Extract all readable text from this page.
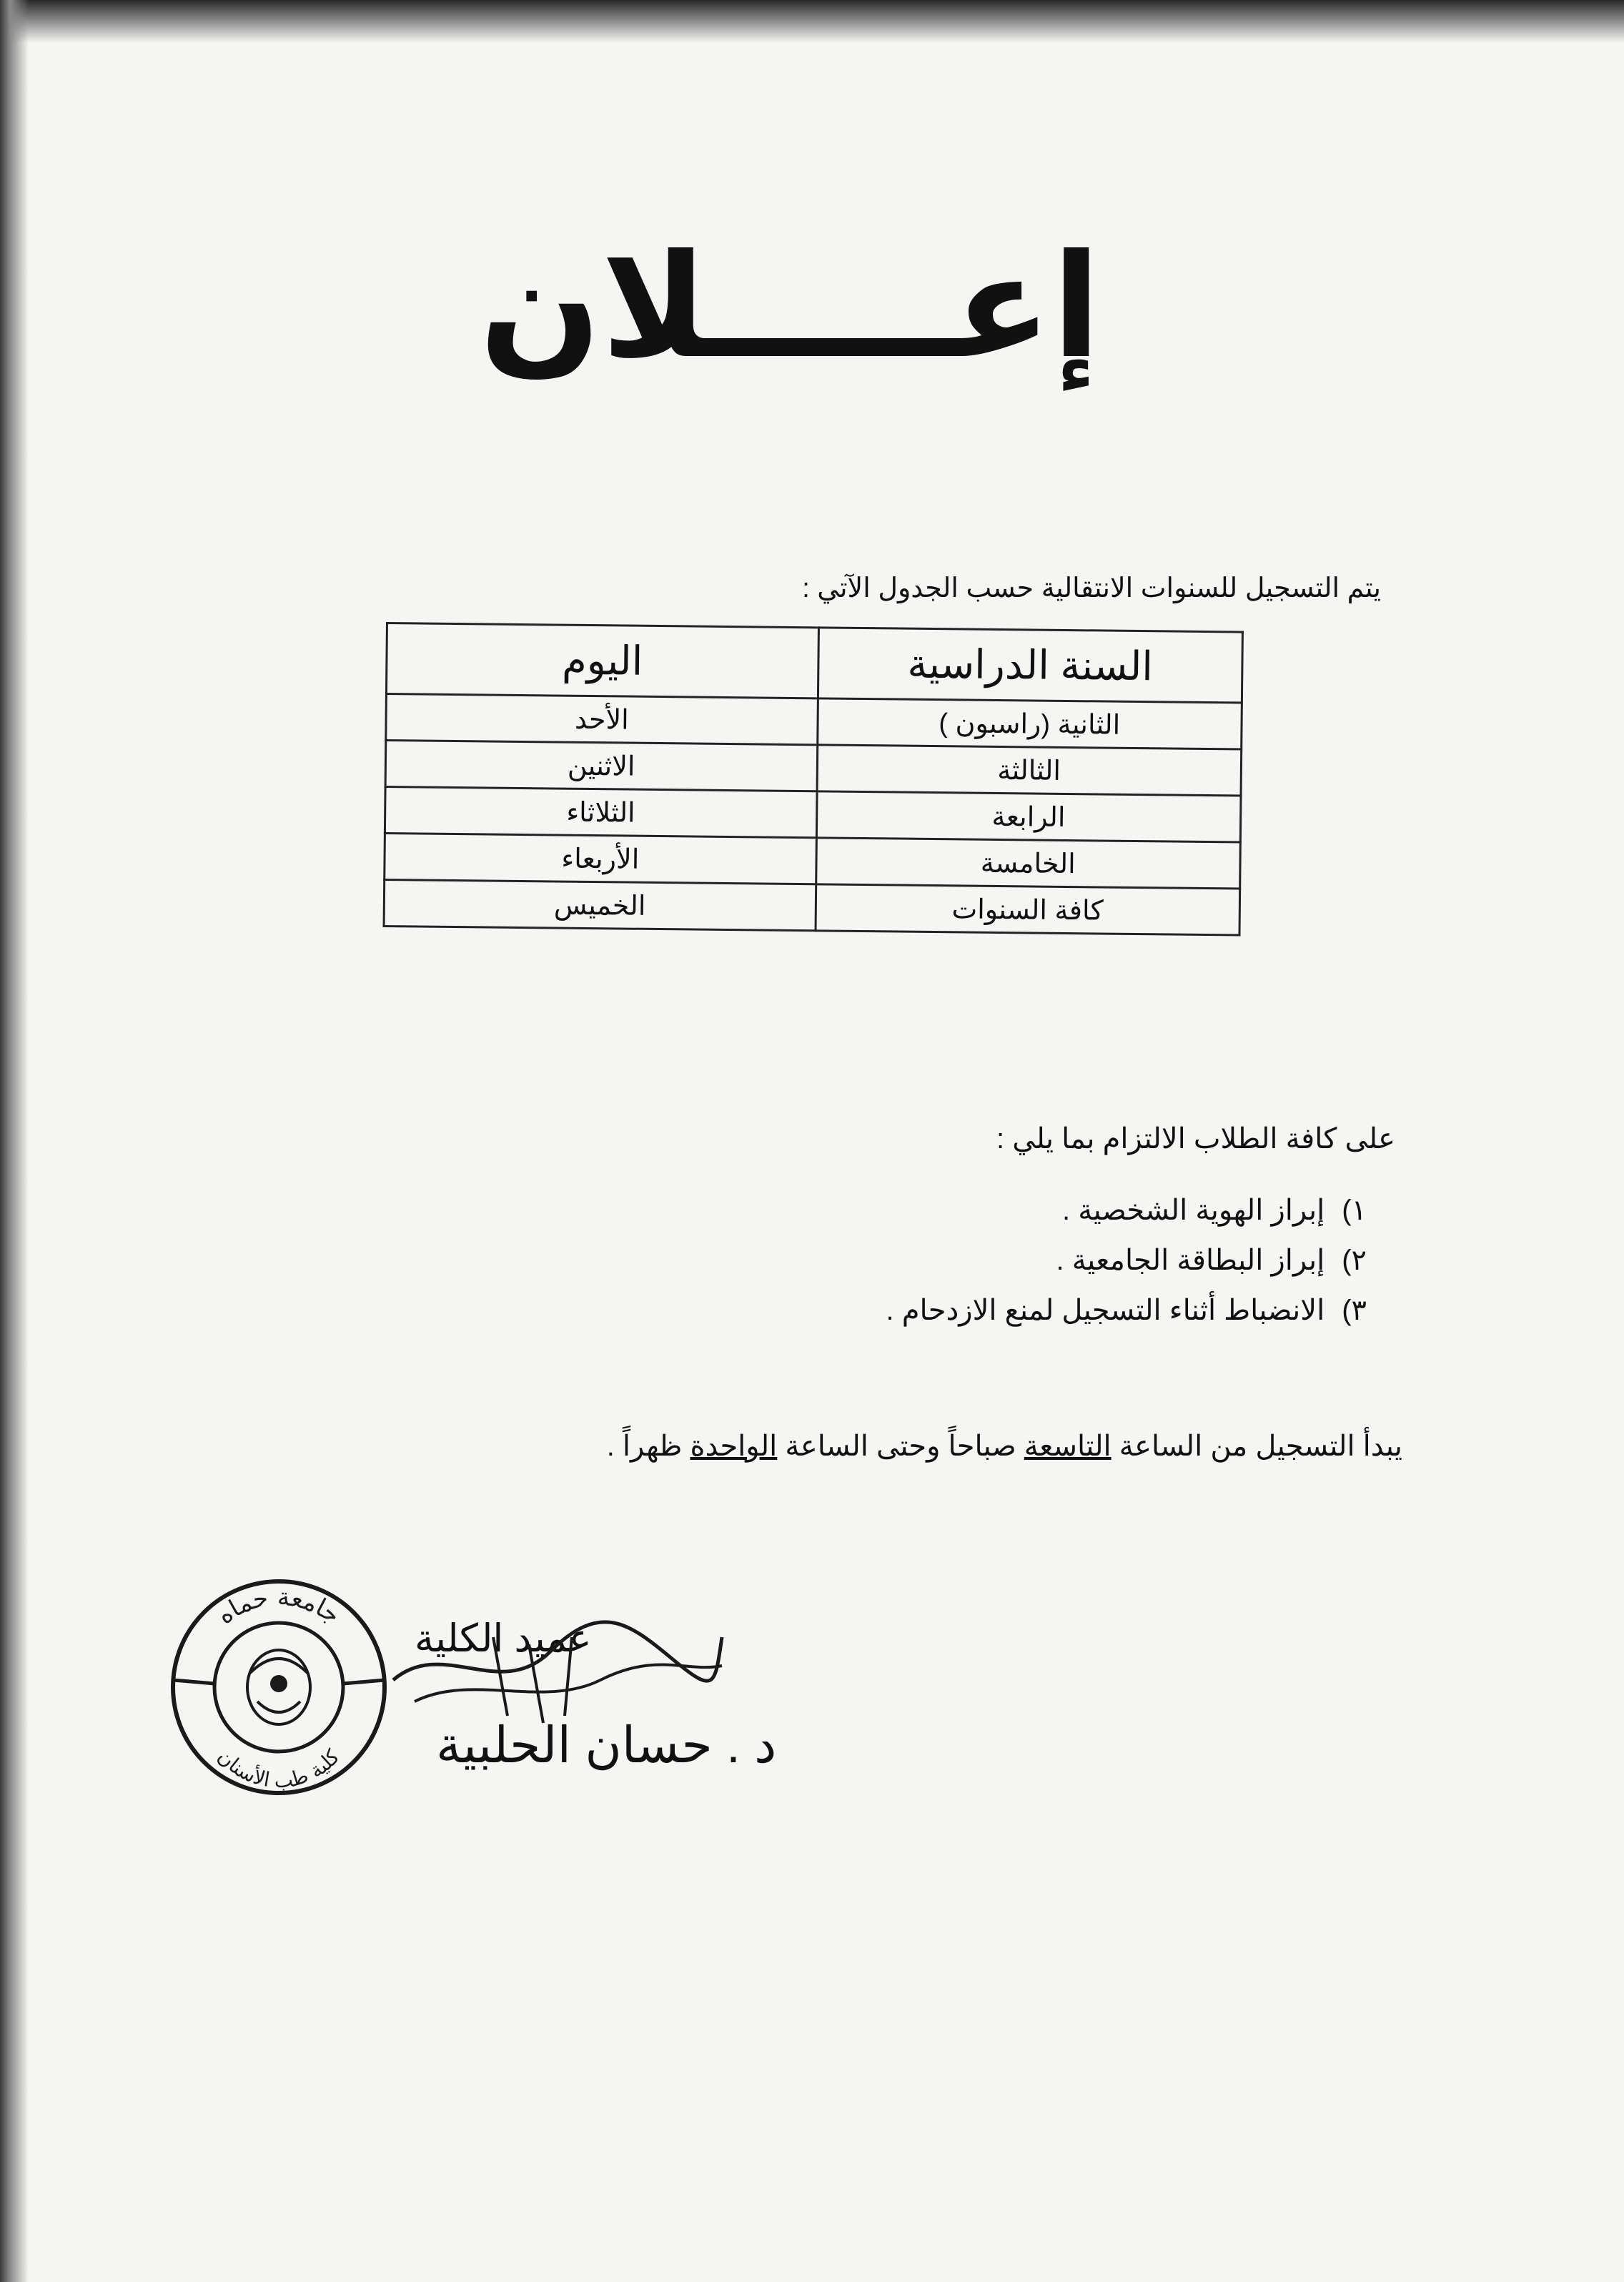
إعـــــلان
يتم التسجيل للسنوات الانتقالية حسب الجدول الآتي :
السنة الدراسية	اليوم
الثانية (راسبون )	الأحد
الثالثة	الاثنين
الرابعة	الثلاثاء
الخامسة	الأربعاء
كافة السنوات	الخميس
على كافة الطلاب الالتزام بما يلي :
١)
إبراز الهوية الشخصية .
٢)
إبراز البطاقة الجامعية .
٣)
الانضباط أثناء التسجيل لمنع الازدحام .
يبدأ التسجيل من الساعة التاسعة صباحاً وحتى الساعة الواحدة ظهراً .
عميد الكلية
د . حسان الحلبية
جامعة حماه
كلية طب الأسنان
